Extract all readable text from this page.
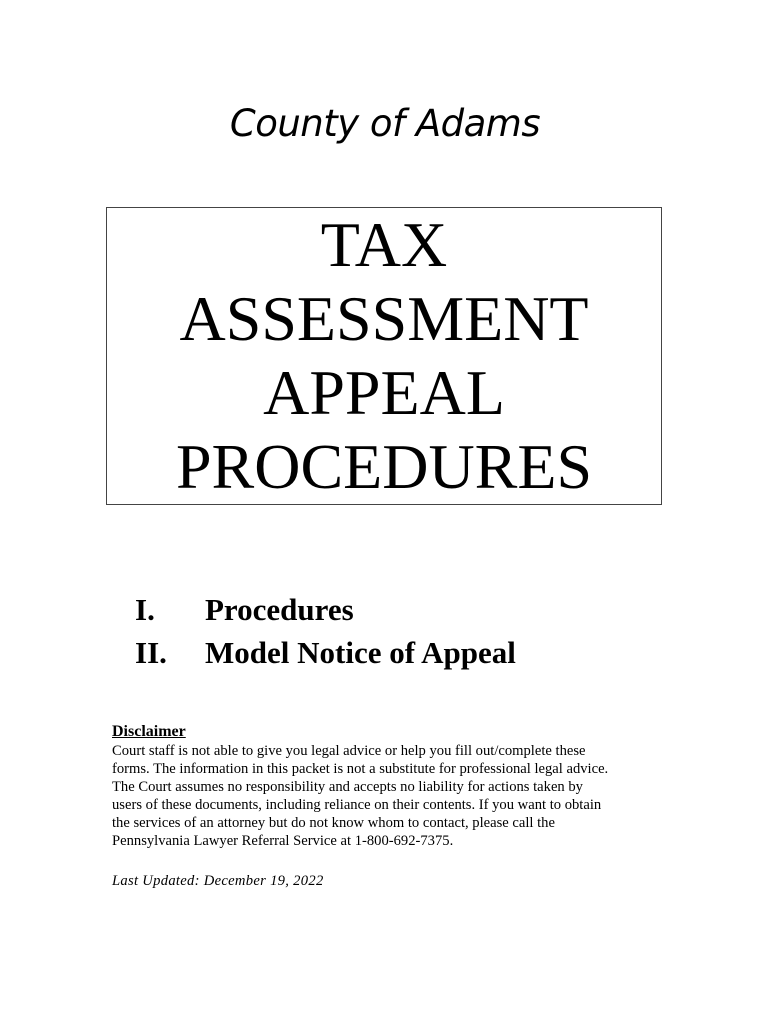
County of Adams
TAX
ASSESSMENT
APPEAL
PROCEDURES
I.	Procedures
II.	Model Notice of Appeal
Disclaimer
Court staff is not able to give you legal advice or help you fill out/complete these
forms. The information in this packet is not a substitute for professional legal advice.
The Court assumes no responsibility and accepts no liability for actions taken by
users of these documents, including reliance on their contents. If you want to obtain
the services of an attorney but do not know whom to contact, please call the
Pennsylvania Lawyer Referral Service at 1-800-692-7375.
Last Updated: December 19, 2022
